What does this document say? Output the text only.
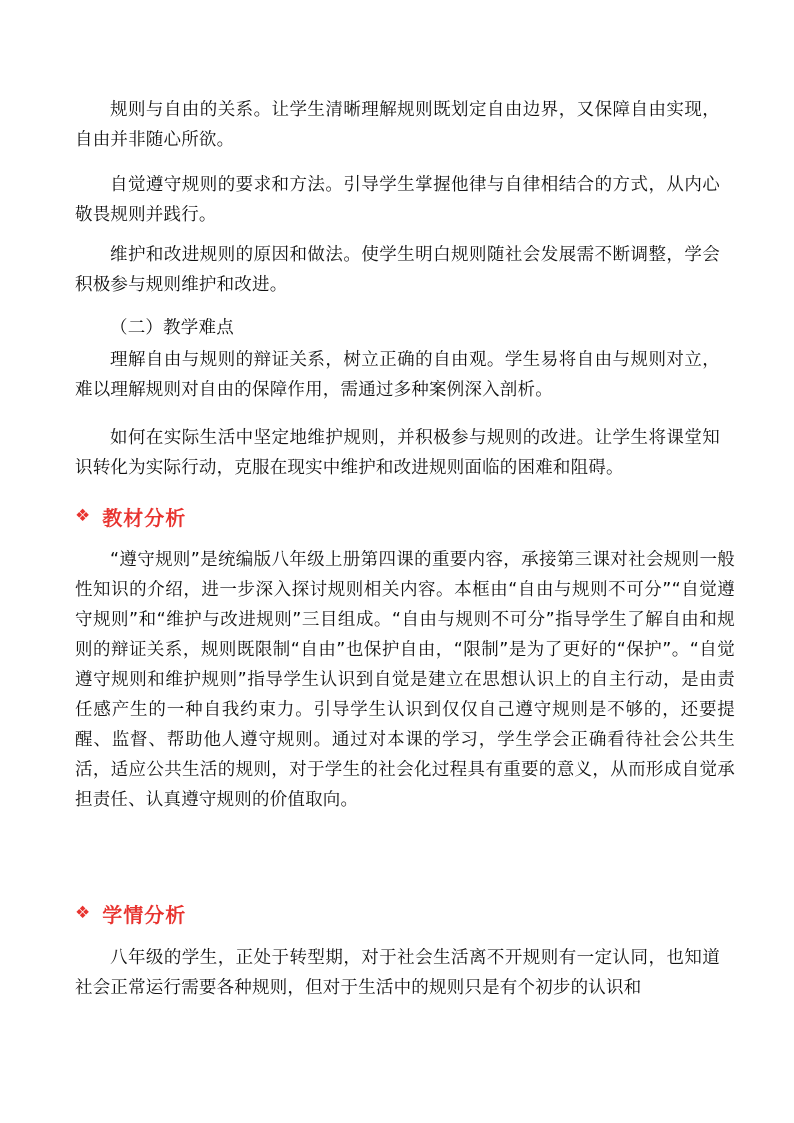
规则与自由的关系。让学生清晰理解规则既划定自由边界，又保障自由实现，自由并非随心所欲。

自觉遵守规则的要求和方法。引导学生掌握他律与自律相结合的方式，从内心敬畏规则并践行。

维护和改进规则的原因和做法。使学生明白规则随社会发展需不断调整，学会积极参与规则维护和改进。

（二）教学难点

理解自由与规则的辩证关系，树立正确的自由观。学生易将自由与规则对立，难以理解规则对自由的保障作用，需通过多种案例深入剖析。

如何在实际生活中坚定地维护规则，并积极参与规则的改进。让学生将课堂知识转化为实际行动，克服在现实中维护和改进规则面临的困难和阻碍。

❖ 教材分析

“遵守规则”是统编版八年级上册第四课的重要内容，承接第三课对社会规则一般性知识的介绍，进一步深入探讨规则相关内容。本框由“自由与规则不可分”“自觉遵守规则”和“维护与改进规则”三目组成。“自由与规则不可分”指导学生了解自由和规则的辩证关系，规则既限制“自由”也保护自由，“限制”是为了更好的“保护”。“自觉遵守规则和维护规则”指导学生认识到自觉是建立在思想认识上的自主行动，是由责任感产生的一种自我约束力。引导学生认识到仅仅自己遵守规则是不够的，还要提醒、监督、帮助他人遵守规则。通过对本课的学习，学生学会正确看待社会公共生活，适应公共生活的规则，对于学生的社会化过程具有重要的意义，从而形成自觉承担责任、认真遵守规则的价值取向。

❖ 学情分析

八年级的学生，正处于转型期，对于社会生活离不开规则有一定认同，也知道社会正常运行需要各种规则，但对于生活中的规则只是有个初步的认识和
